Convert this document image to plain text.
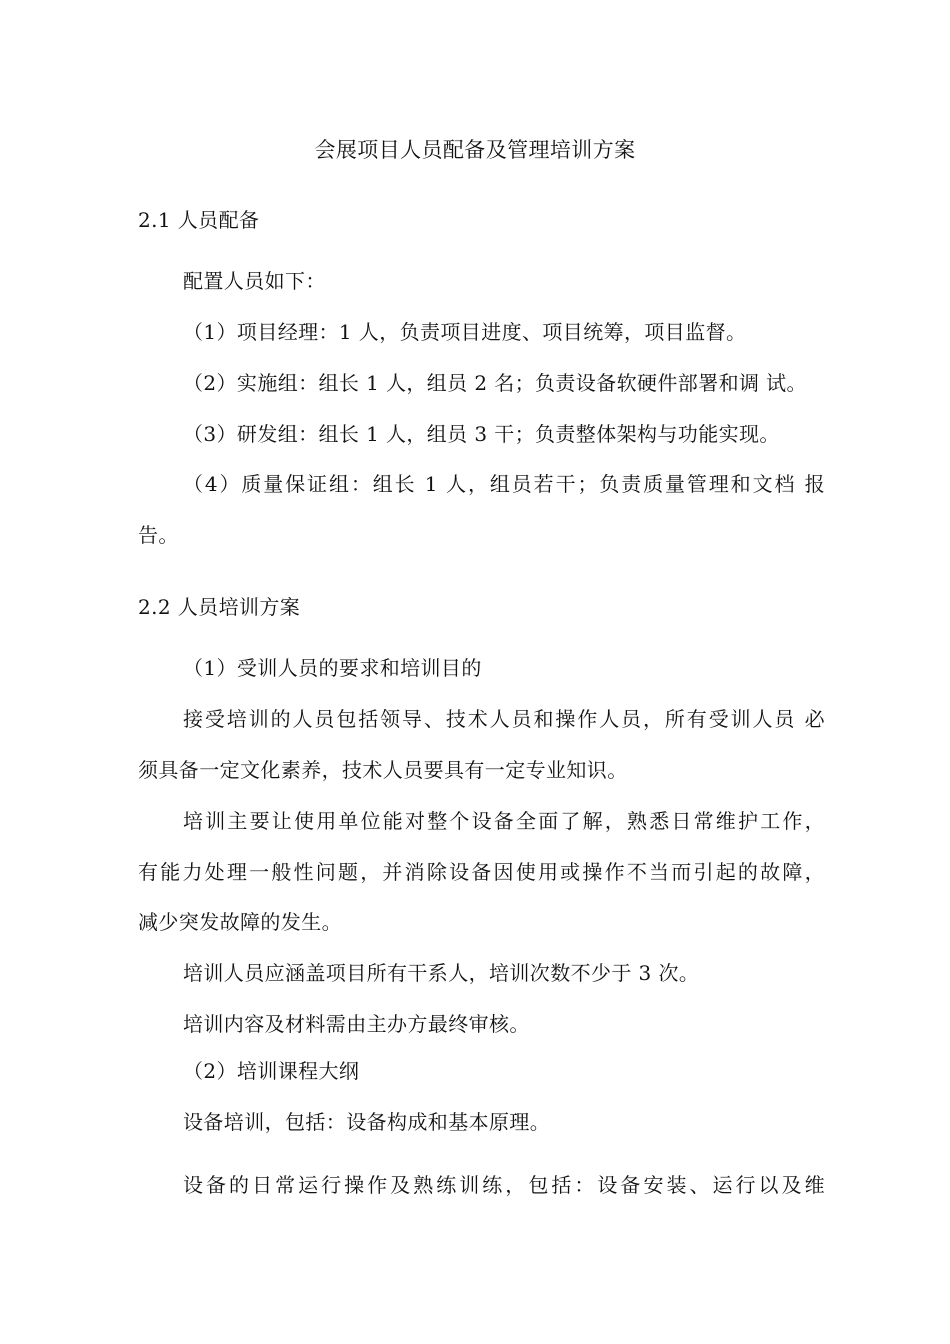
会展项目人员配备及管理培训方案
2.1 人员配备
配置人员如下：
（1）项目经理：1 人，负责项目进度、项目统筹，项目监督。
（2）实施组：组长 1 人，组员 2 名；负责设备软硬件部署和调 试。
（3）研发组：组长 1 人，组员 3 干；负责整体架构与功能实现。
（4）质量保证组：组长 1 人，组员若干；负责质量管理和文档 报
告。
2.2 人员培训方案
（1）受训人员的要求和培训目的
接受培训的人员包括领导、技术人员和操作人员，所有受训人员 必
须具备一定文化素养，技术人员要具有一定专业知识。
培训主要让使用单位能对整个设备全面了解，熟悉日常维护工作，
有能力处理一般性问题，并消除设备因使用或操作不当而引起的故障，
减少突发故障的发生。
培训人员应涵盖项目所有干系人，培训次数不少于 3 次。
培训内容及材料需由主办方最终审核。
（2）培训课程大纲
设备培训，包括：设备构成和基本原理。
设备的日常运行操作及熟练训练，包括：设备安装、运行以及维
